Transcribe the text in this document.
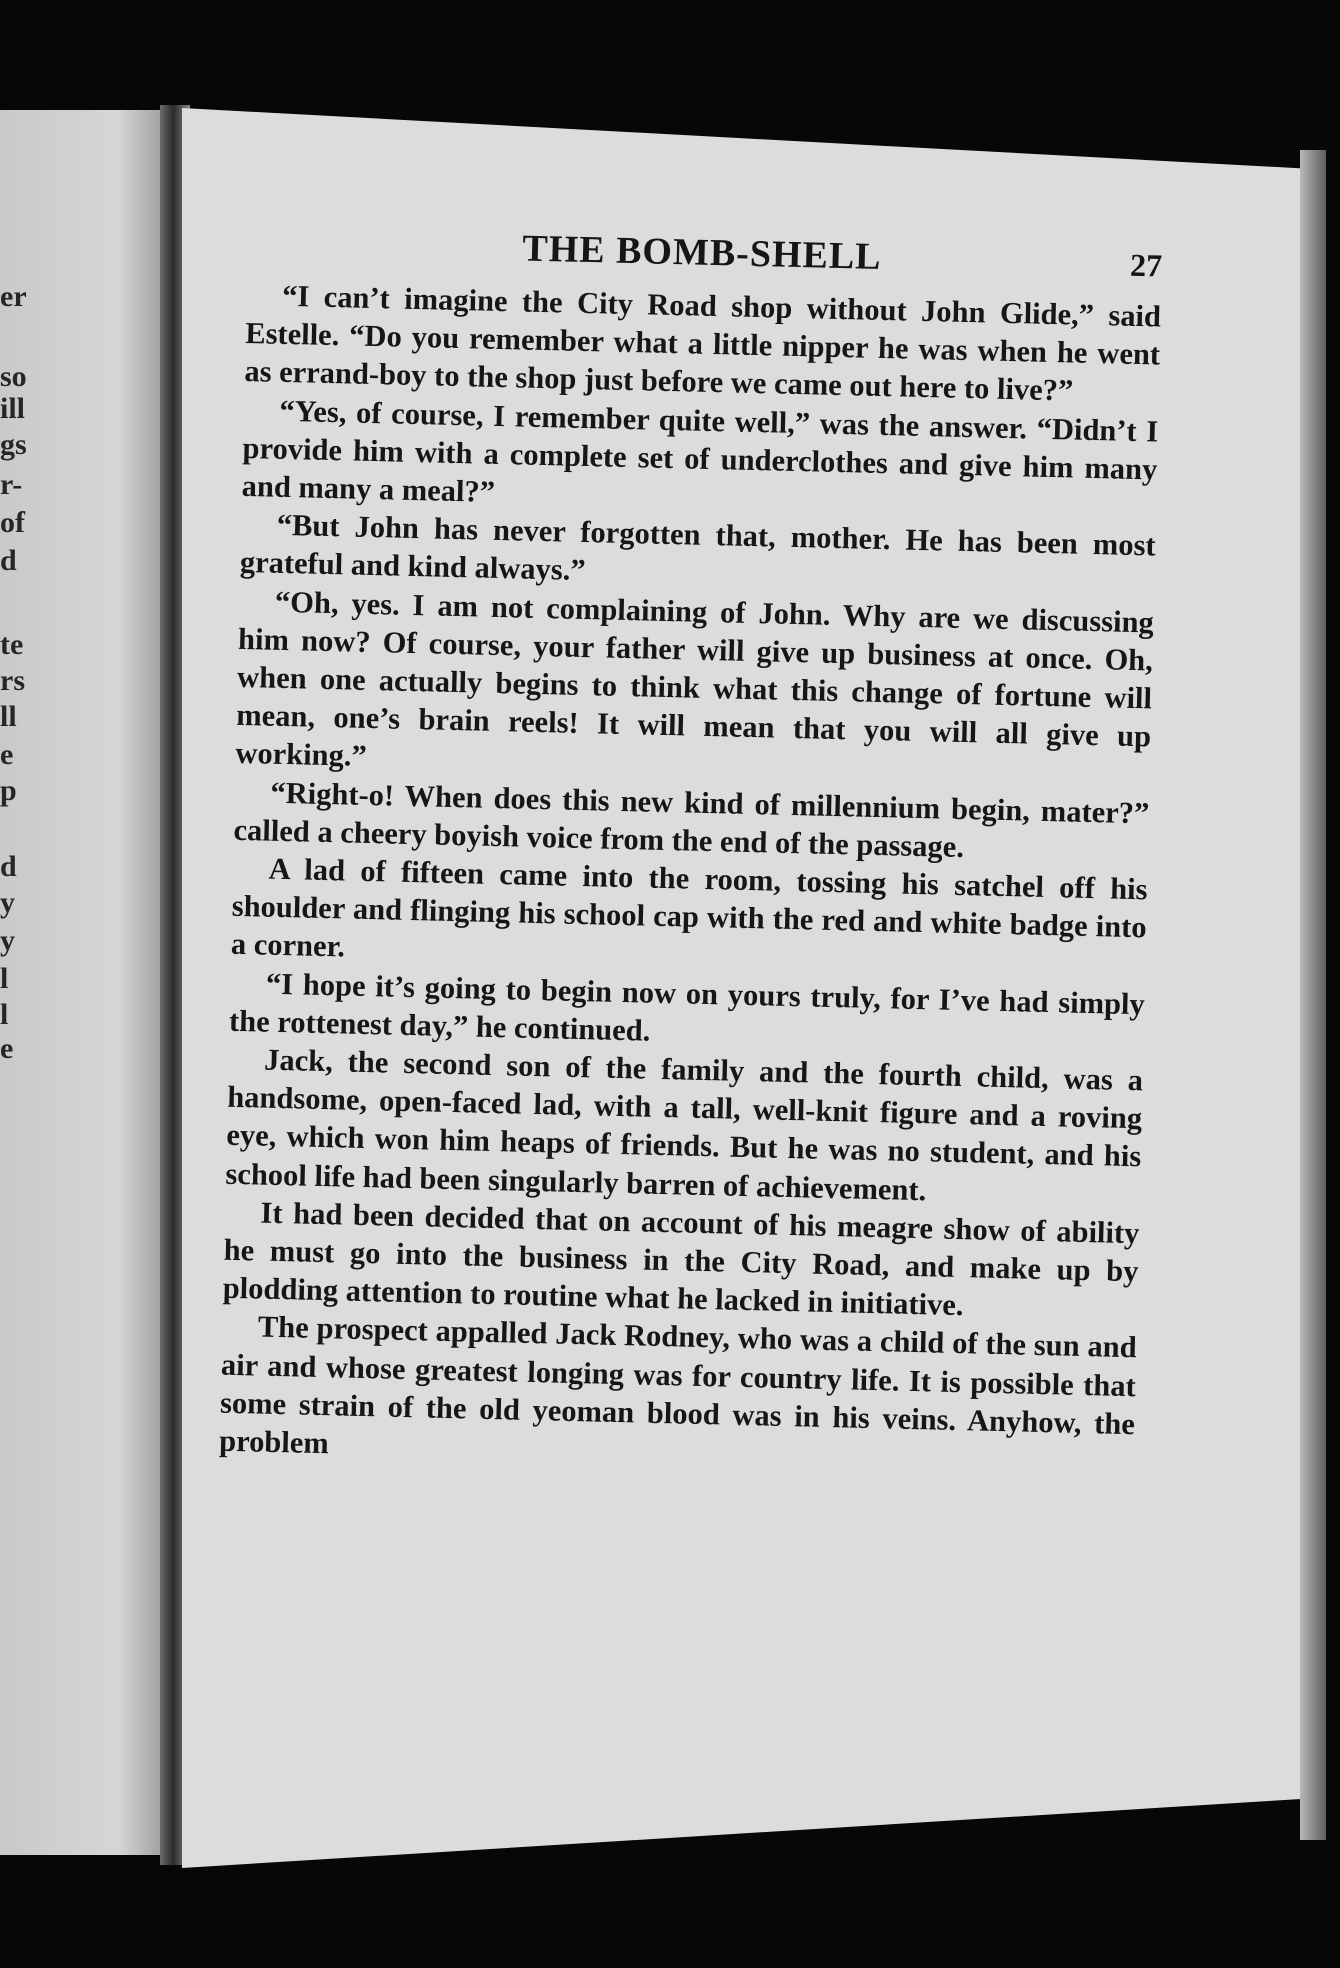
er
so
ill
gs
r-
of
d
te
rs
ll
e
p
d
y
y
l
l
e
THE BOMB-SHELL	27

“I can’t imagine the City Road shop without John Glide,” said Estelle. “Do you remember what a little nipper he was when he went as errand-boy to the shop just before we came out here to live?”

“Yes, of course, I remember quite well,” was the answer. “Didn’t I provide him with a complete set of underclothes and give him many and many a meal?”

“But John has never forgotten that, mother. He has been most grateful and kind always.”

“Oh, yes. I am not complaining of John. Why are we discussing him now? Of course, your father will give up business at once. Oh, when one actually begins to think what this change of fortune will mean, one’s brain reels! It will mean that you will all give up working.”

“Right-o! When does this new kind of millennium begin, mater?” called a cheery boyish voice from the end of the passage.

A lad of fifteen came into the room, tossing his satchel off his shoulder and flinging his school cap with the red and white badge into a corner.

“I hope it’s going to begin now on yours truly, for I’ve had simply the rottenest day,” he continued.

Jack, the second son of the family and the fourth child, was a handsome, open-faced lad, with a tall, well-knit figure and a roving eye, which won him heaps of friends. But he was no student, and his school life had been singularly barren of achievement.

It had been decided that on account of his meagre show of ability he must go into the business in the City Road, and make up by plodding attention to routine what he lacked in initiative.

The prospect appalled Jack Rodney, who was a child of the sun and air and whose greatest longing was for country life. It is possible that some strain of the old yeoman blood was in his veins. Anyhow, the problem
